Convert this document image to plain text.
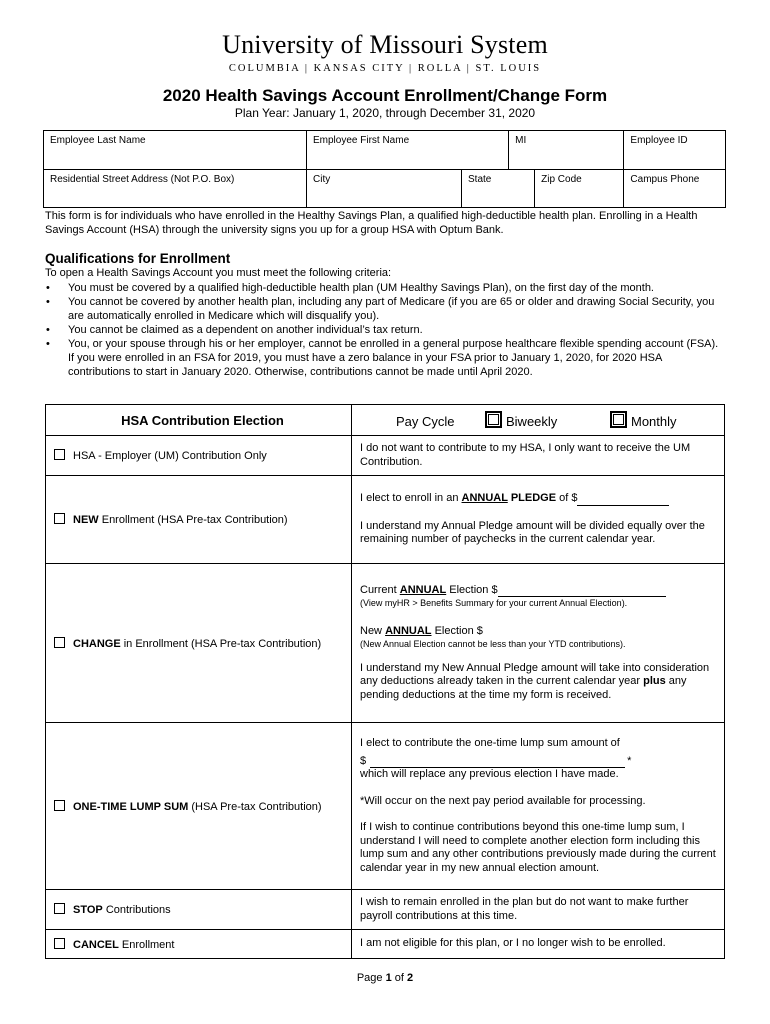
University of Missouri System
COLUMBIA | KANSAS CITY | ROLLA | ST. LOUIS
2020 Health Savings Account Enrollment/Change Form
Plan Year: January 1, 2020, through December 31, 2020
Employee Last Name	Employee First Name		MI		Employee ID
Residential Street Address (Not P.O. Box)	City	State		Zip Code	Campus Phone
This form is for individuals who have enrolled in the Healthy Savings Plan, a qualified high-deductible health plan. Enrolling in a Health Savings Account (HSA) through the university signs you up for a group HSA with Optum Bank.
Qualifications for Enrollment
To open a Health Savings Account you must meet the following criteria:
• You must be covered by a qualified high-deductible health plan (UM Healthy Savings Plan), on the first day of the month.
• You cannot be covered by another health plan, including any part of Medicare (if you are 65 or older and drawing Social Security, you are automatically enrolled in Medicare which will disqualify you).
• You cannot be claimed as a dependent on another individual’s tax return.
• You, or your spouse through his or her employer, cannot be enrolled in a general purpose healthcare flexible spending account (FSA).
If you were enrolled in an FSA for 2019, you must have a zero balance in your FSA prior to January 1, 2020, for 2020 HSA contributions to start in January 2020. Otherwise, contributions cannot be made until April 2020.
HSA Contribution Election	Pay Cycle Biweekly Monthly
HSA - Employer (UM) Contribution Only	I do not want to contribute to my HSA, I only want to receive the UM Contribution.
NEW Enrollment (HSA Pre-tax Contribution)	I elect to enroll in an ANNUAL PLEDGE of $
I understand my Annual Pledge amount will be divided equally over the remaining number of paychecks in the current calendar year.

CHANGE in Enrollment (HSA Pre-tax Contribution)	Current ANNUAL Election $
(View myHR > Benefits Summary for your current Annual Election).
New ANNUAL Election $
(New Annual Election cannot be less than your YTD contributions).
I understand my New Annual Pledge amount will take into consideration any deductions already taken in the current calendar year plus any pending deductions at the time my form is received.

ONE-TIME LUMP SUM (HSA Pre-tax Contribution)	I elect to contribute the one-time lump sum amount of
$ *
which will replace any previous election I have made.
*Will occur on the next pay period available for processing.
If I wish to continue contributions beyond this one-time lump sum, I understand I will need to complete another election form including this lump sum and any other contributions previously made during the current calendar year in my new annual election amount.

STOP Contributions	I wish to remain enrolled in the plan but do not want to make further payroll contributions at this time.
CANCEL Enrollment	I am not eligible for this plan, or I no longer wish to be enrolled.
Page 1 of 2
